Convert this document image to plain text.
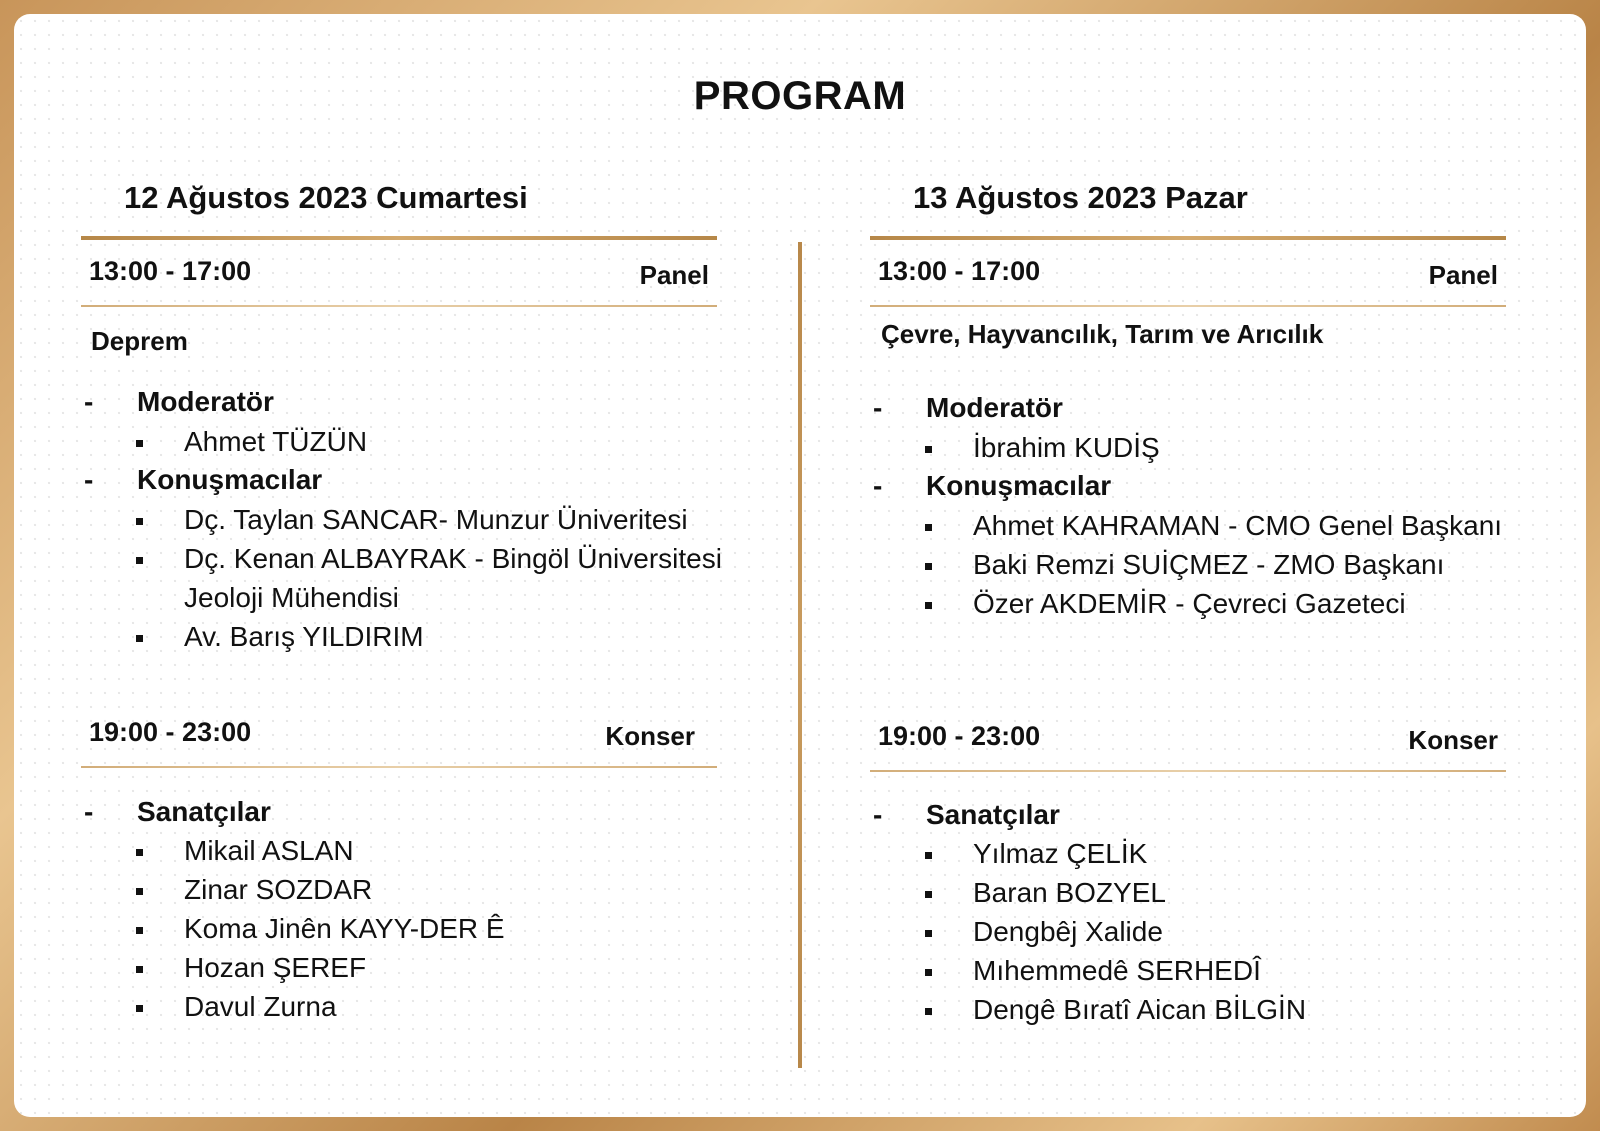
PROGRAM
12 Ağustos 2023 Cumartesi
13:00 - 17:00	Panel
Deprem
-	Moderatör
Ahmet TÜZÜN
-	Konuşmacılar
Dç. Taylan SANCAR- Munzur Üniveritesi
Dç. Kenan ALBAYRAK - Bingöl Üniversitesi
Jeoloji Mühendisi
Av. Barış YILDIRIM
19:00 - 23:00	Konser
-	Sanatçılar
Mikail ASLAN
Zinar SOZDAR
Koma Jinên KAYY-DER Ê
Hozan ŞEREF
Davul Zurna
13 Ağustos 2023 Pazar
13:00 - 17:00	Panel
Çevre, Hayvancılık, Tarım ve Arıcılık
-	Moderatör
İbrahim KUDİŞ
-	Konuşmacılar
Ahmet KAHRAMAN - CMO Genel Başkanı
Baki Remzi SUİÇMEZ - ZMO Başkanı
Özer AKDEMİR - Çevreci Gazeteci
19:00 - 23:00	Konser
-	Sanatçılar
Yılmaz ÇELİK
Baran BOZYEL
Dengbêj Xalide
Mıhemmedê SERHEDÎ
Dengê Bıratî Aican BİLGİN
